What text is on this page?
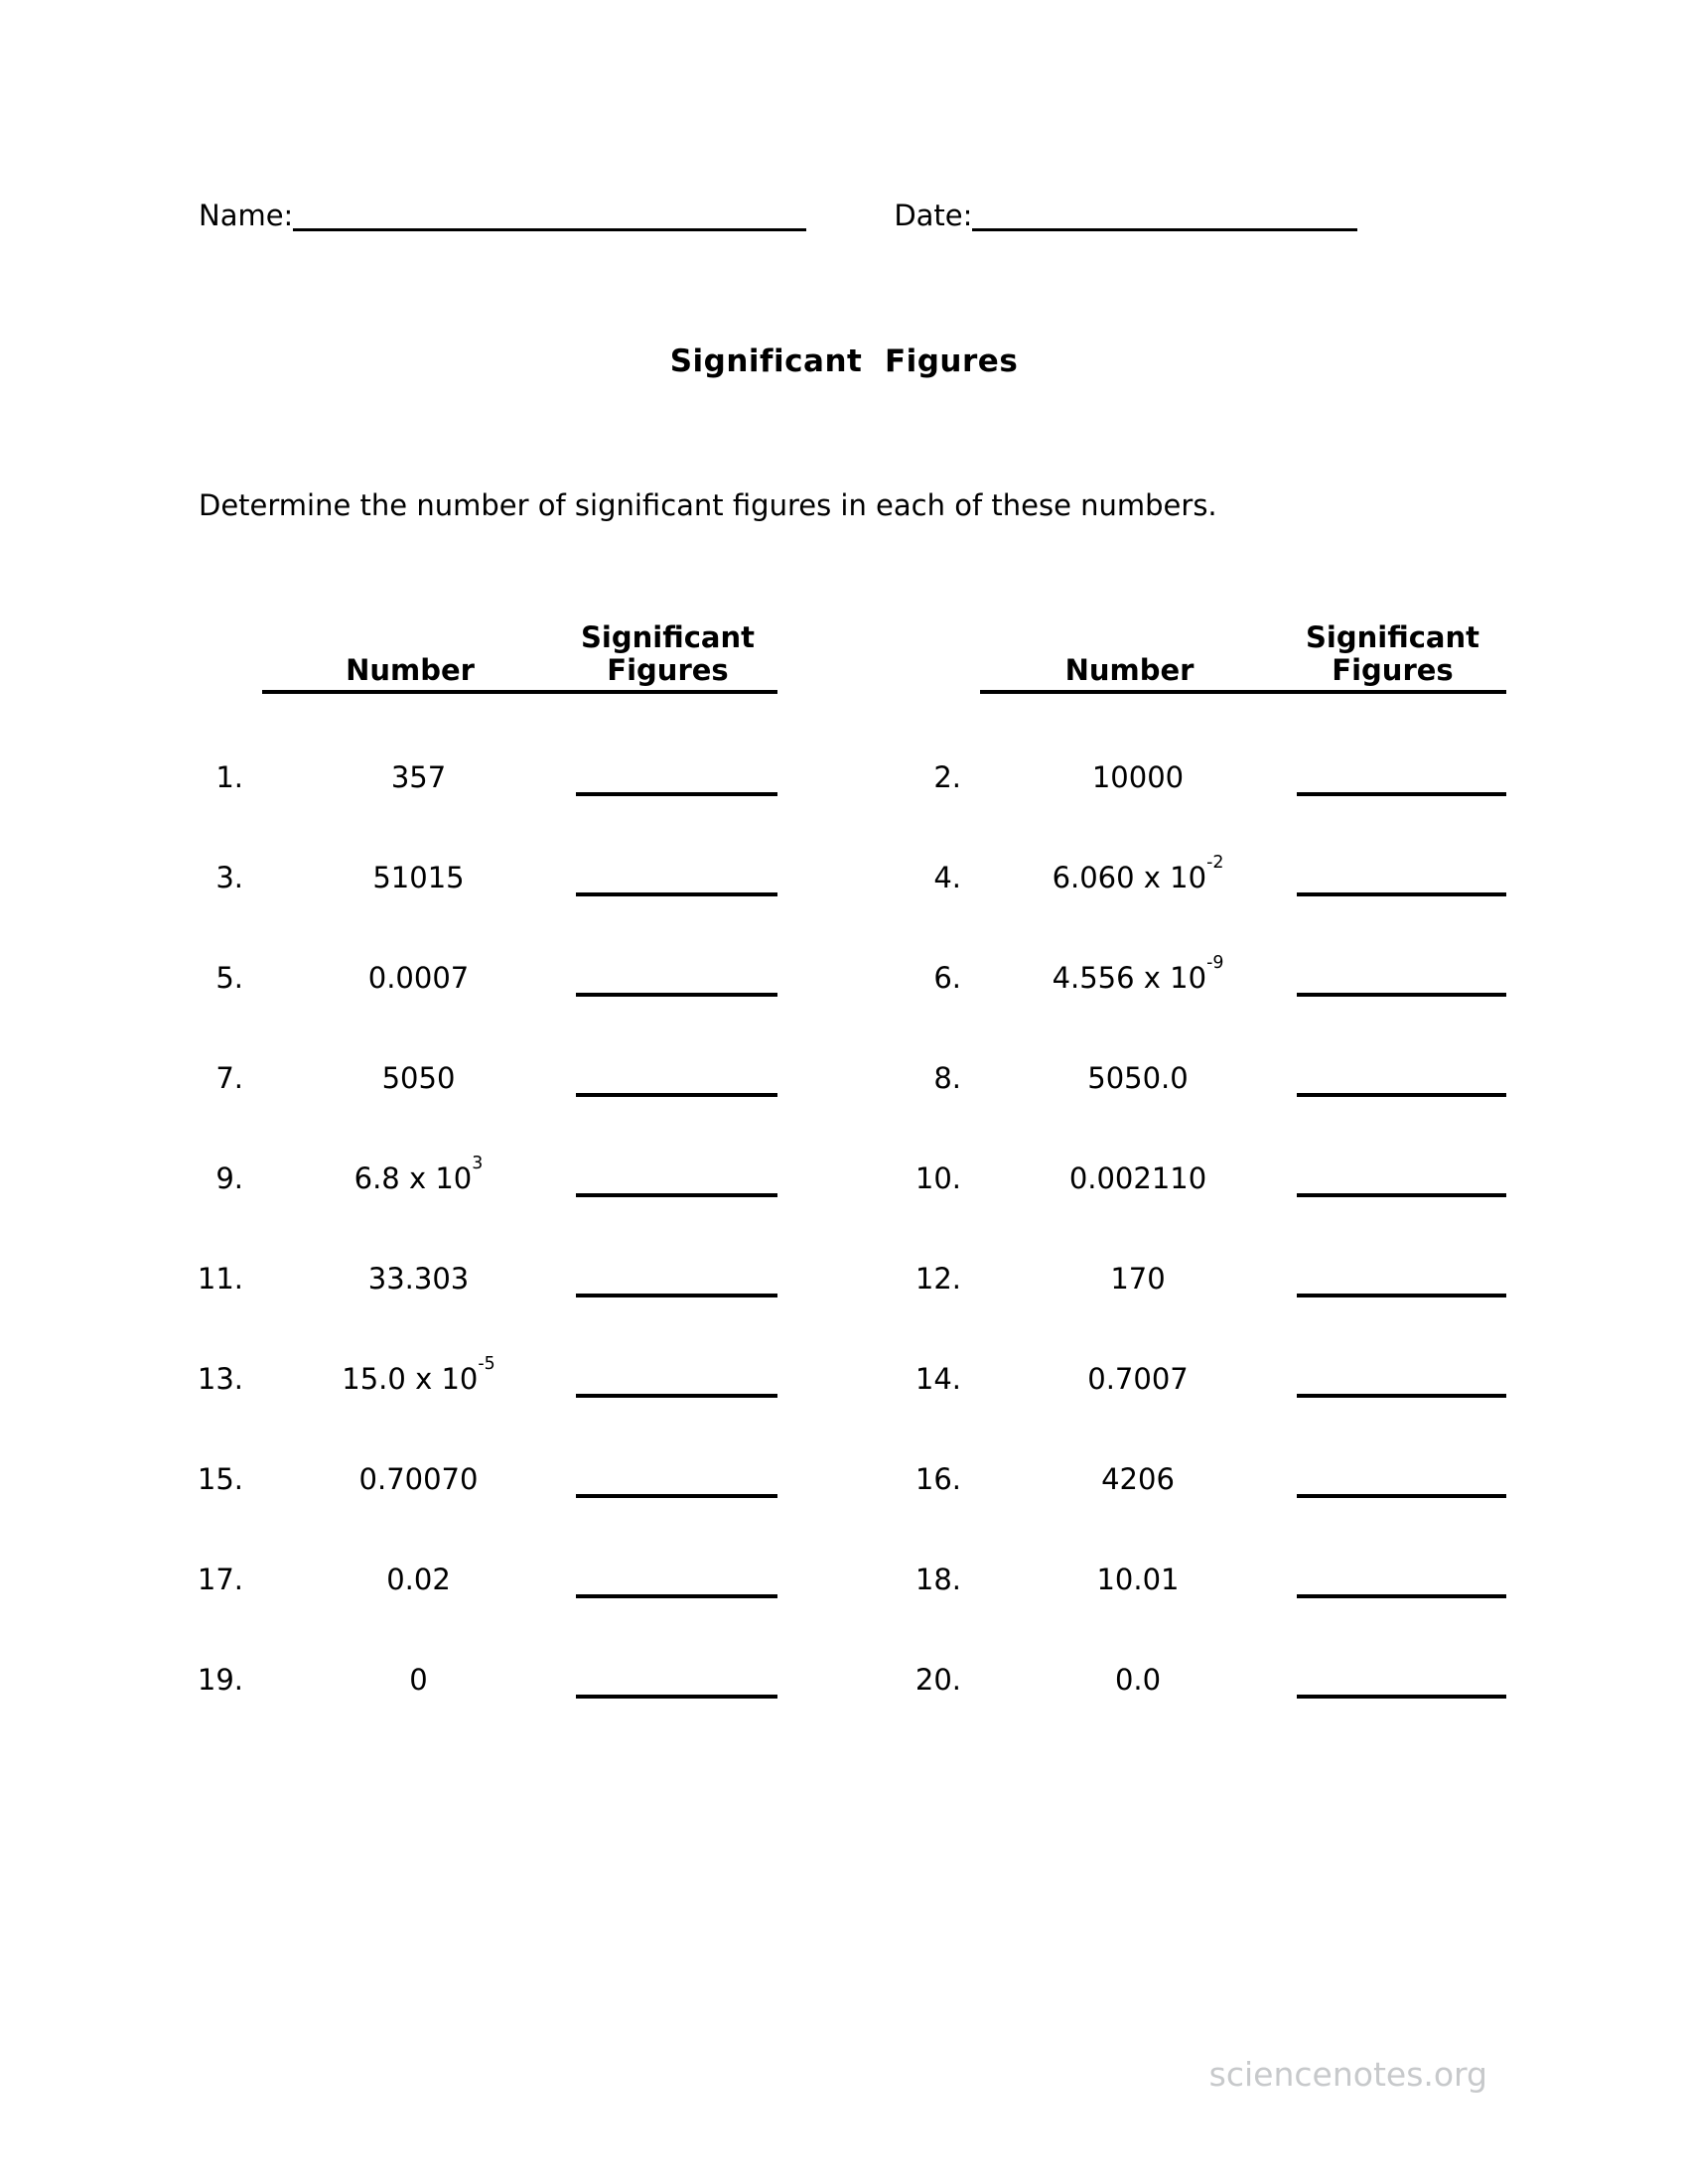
Name:	Date:
Significant  Figures
Determine the number of significant figures in each of these numbers.
Number
Significant
Figures
1.	357
3.	51015
5.	0.0007
7.	5050
9.	6.8 x $10^3$
11.	33.303
13.	15.0 x $10^{-5}$
15.	0.70070
17.	0.02
19.	0
Number
Significant
Figures
2.	10000
4.	6.060 x $10^{-2}$
6.	4.556 x $10^{-9}$
8.	5050.0
10.	0.002110
12.	170
14.	0.7007
16.	4206
18.	10.01
20.	0.0
sciencenotes.org
